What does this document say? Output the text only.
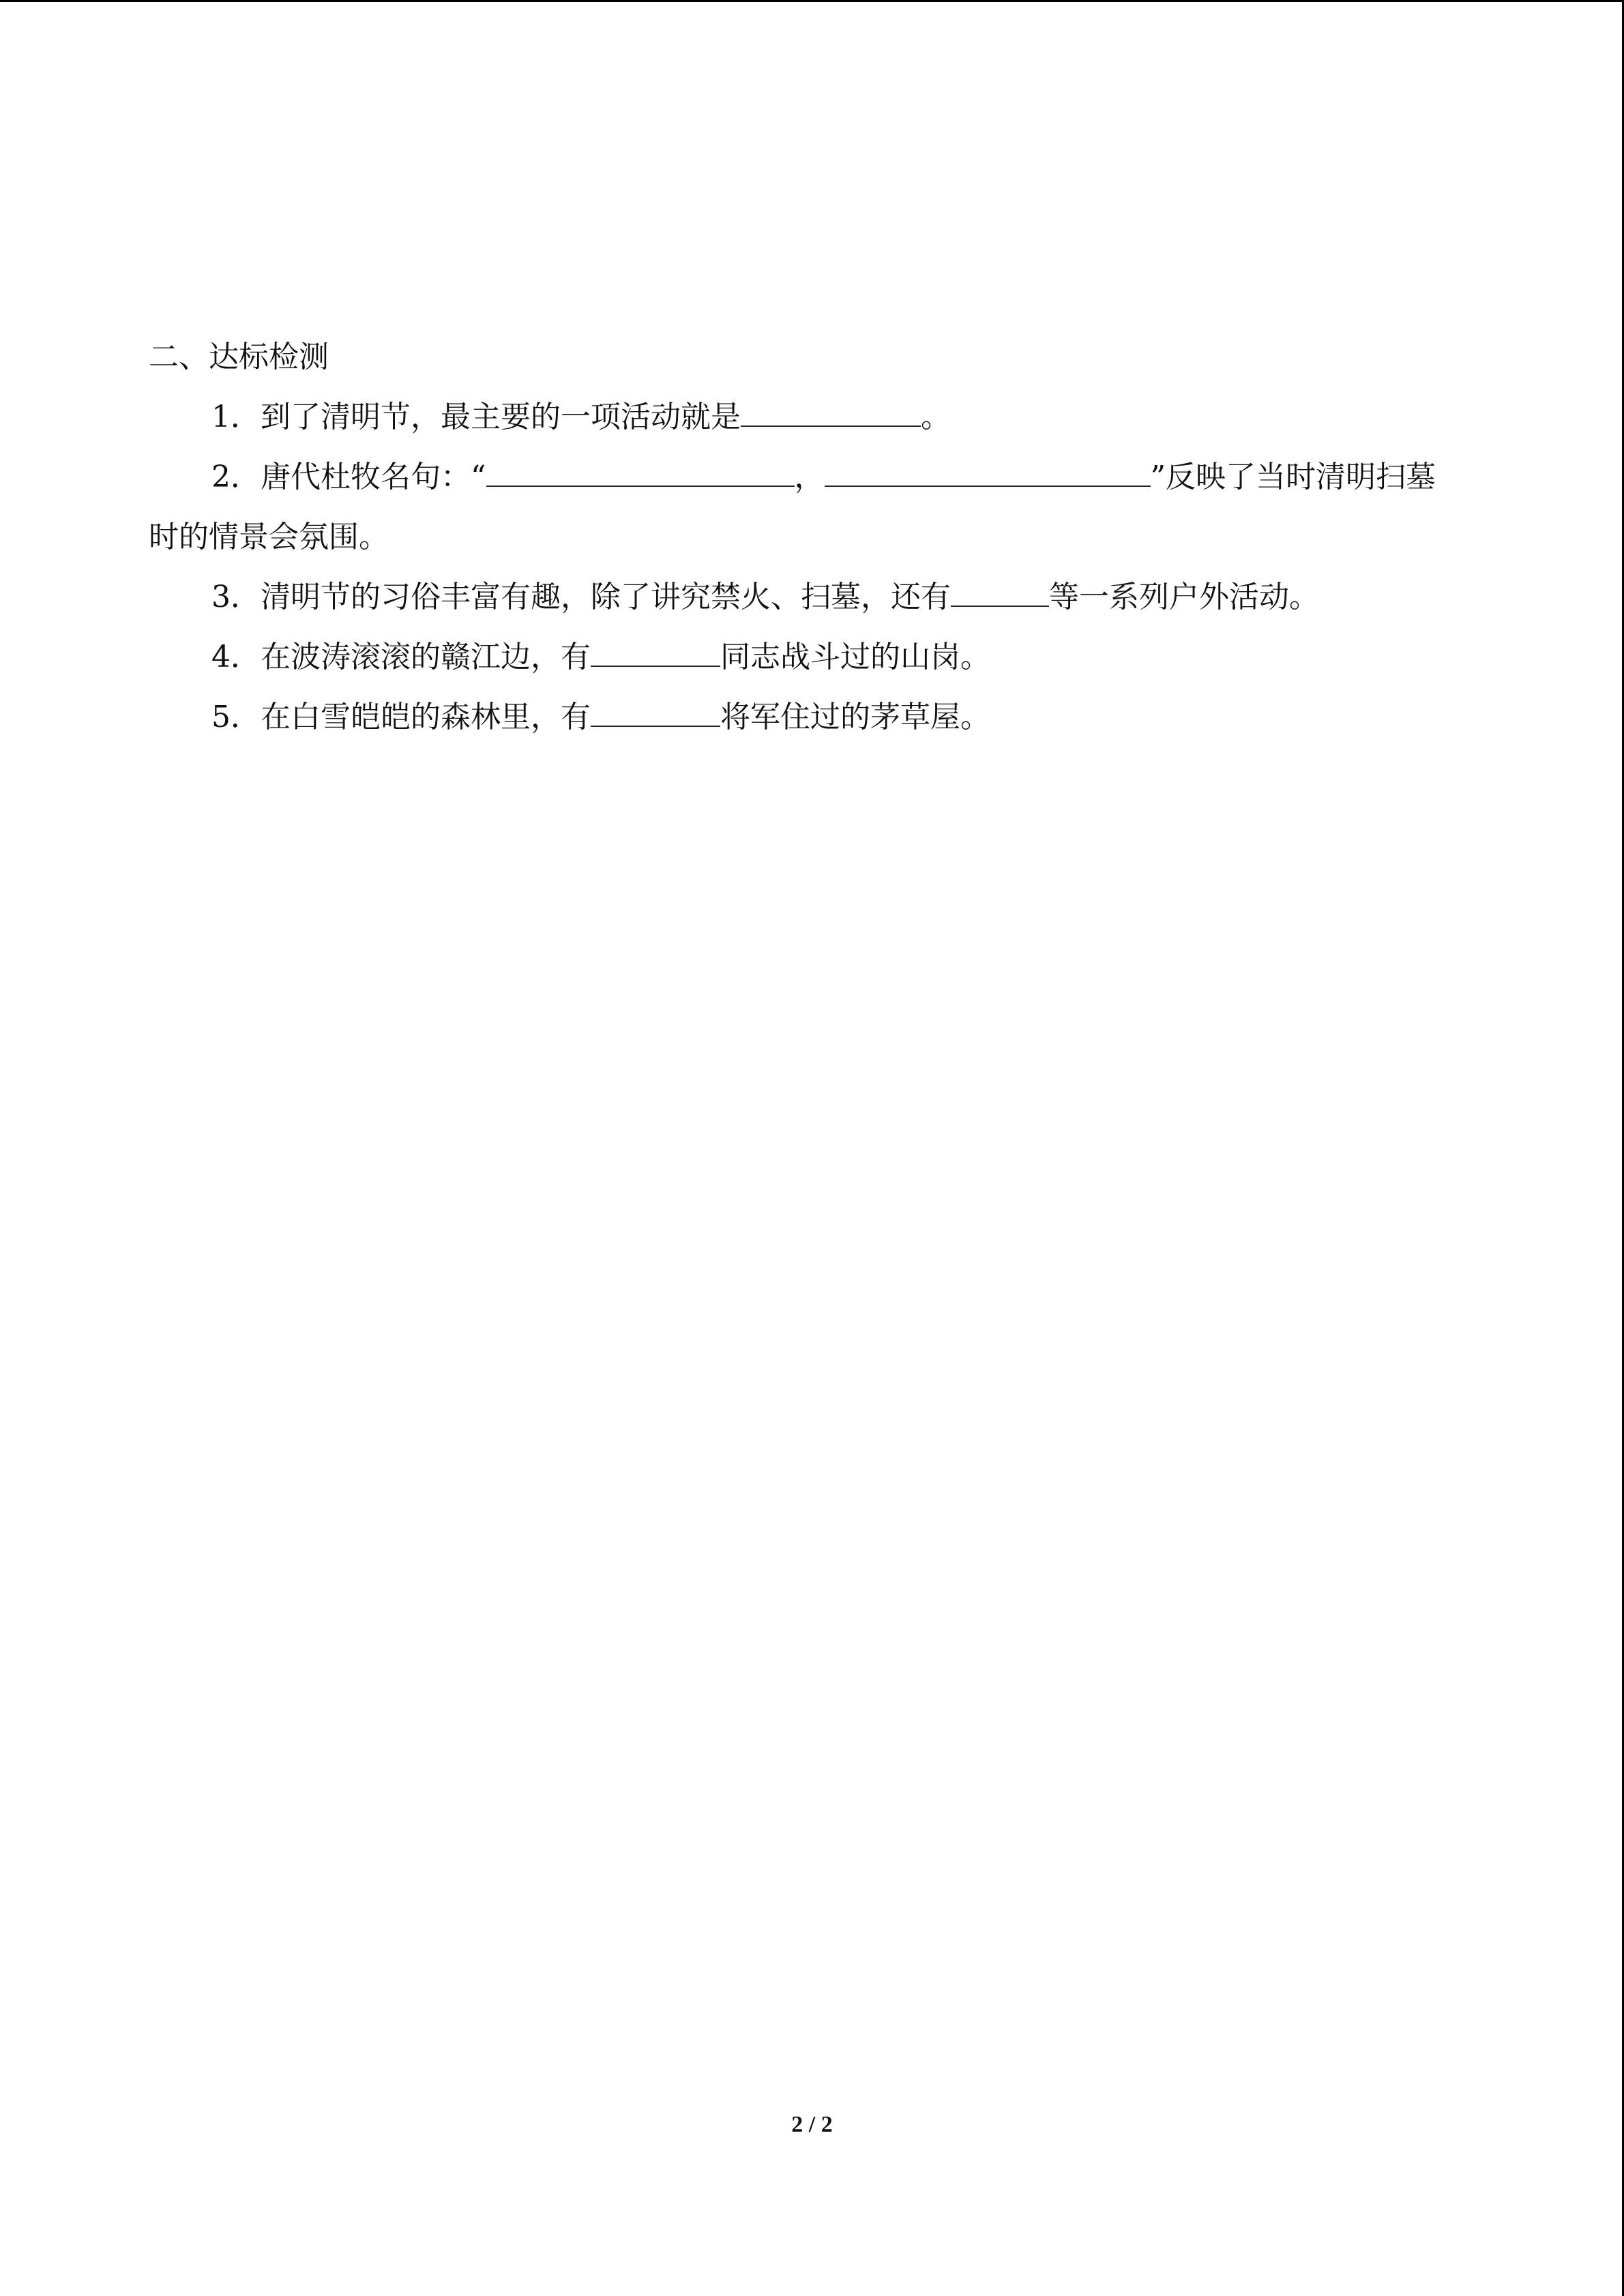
二、达标检测

1．到了清明节，最主要的一项活动就是	。

2．唐代杜牧名句：“	，	”反映了当时清明扫墓时的情景会氛围。

3．清明节的习俗丰富有趣，除了讲究禁火、扫墓，还有	等一系列户外活动。

4．在波涛滚滚的赣江边，有	同志战斗过的山岗。

5．在白雪皑皑的森林里，有	将军住过的茅草屋。

2 / 2
